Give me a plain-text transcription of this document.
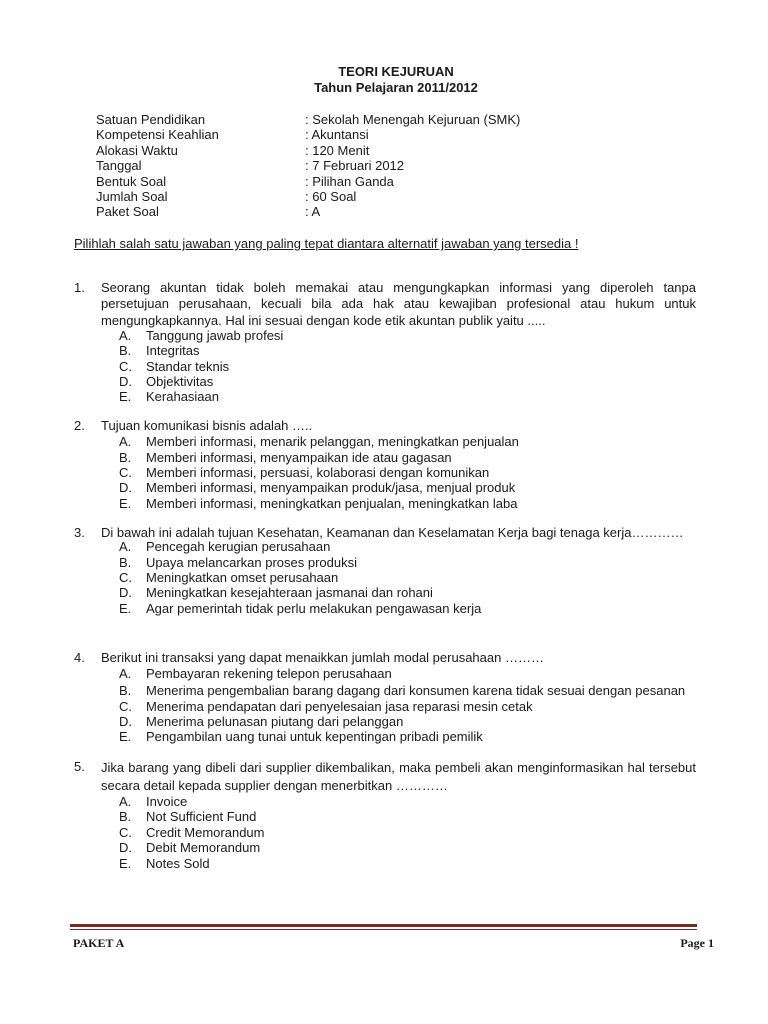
TEORI KEJURUAN
Tahun Pelajaran 2011/2012
Satuan Pendidikan	: Sekolah Menengah Kejuruan (SMK)
Kompetensi Keahlian	: Akuntansi
Alokasi Waktu	: 120 Menit
Tanggal	: 7 Februari 2012
Bentuk Soal	: Pilihan Ganda
Jumlah Soal	: 60 Soal
Paket Soal	: A
Pilihlah salah satu jawaban yang paling tepat diantara alternatif jawaban yang tersedia !
1. Seorang akuntan tidak boleh memakai atau mengungkapkan informasi yang diperoleh tanpa persetujuan perusahaan, kecuali bila ada hak atau kewajiban profesional atau hukum untuk mengungkapkannya. Hal ini sesuai dengan kode etik akuntan publik yaitu .....
A.	Tanggung jawab profesi
B.	Integritas
C.	Standar teknis
D.	Objektivitas
E.	Kerahasiaan
2. Tujuan komunikasi bisnis adalah …..
A.	Memberi informasi, menarik pelanggan, meningkatkan penjualan
B.	Memberi informasi, menyampaikan ide atau gagasan
C.	Memberi informasi, persuasi, kolaborasi dengan komunikan
D.	Memberi informasi, menyampaikan produk/jasa, menjual produk
E.	Memberi informasi, meningkatkan penjualan, meningkatkan laba
3. Di bawah ini adalah tujuan Kesehatan, Keamanan dan Keselamatan Kerja bagi tenaga kerja…………
A.	Pencegah kerugian perusahaan
B.	Upaya melancarkan proses produksi
C.	Meningkatkan omset perusahaan
D.	Meningkatkan kesejahteraan jasmanai dan rohani
E.	Agar pemerintah tidak perlu melakukan pengawasan kerja
4. Berikut ini transaksi yang dapat menaikkan jumlah modal perusahaan ………
A.	Pembayaran rekening telepon perusahaan
B. Menerima pengembalian barang dagang dari konsumen karena tidak sesuai dengan pesanan
C.	Menerima pendapatan dari penyelesaian jasa reparasi mesin cetak
D.	Menerima pelunasan piutang dari pelanggan
E.	Pengambilan uang tunai untuk kepentingan pribadi pemilik
5. Jika barang yang dibeli dari supplier dikembalikan, maka pembeli akan menginformasikan hal tersebut secara detail kepada supplier dengan menerbitkan …………
A.	Invoice
B.	Not Sufficient Fund
C.	Credit Memorandum
D.	Debit Memorandum
E.	Notes Sold
PAKET A	Page 1
